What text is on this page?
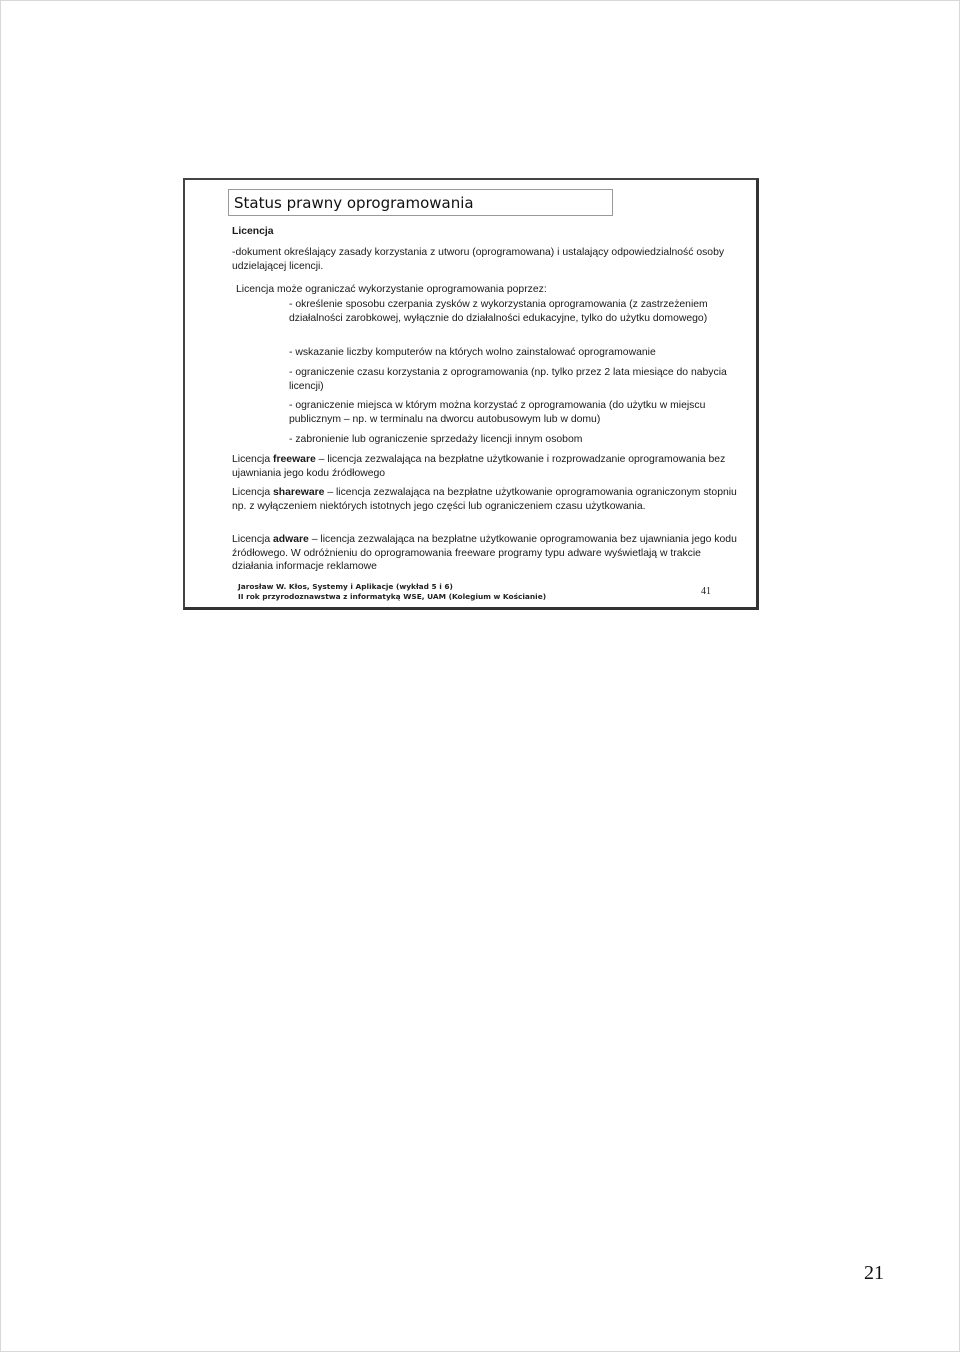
Status prawny oprogramowania
Licencja
-dokument określający zasady korzystania z utworu (oprogramowana) i ustalający odpowiedzialność osoby udzielającej licencji.
Licencja może ograniczać wykorzystanie oprogramowania poprzez:
- określenie sposobu czerpania zysków z wykorzystania oprogramowania (z zastrzeżeniem działalności zarobkowej, wyłącznie do działalności edukacyjne, tylko do użytku domowego)
- wskazanie liczby komputerów na których wolno zainstalować oprogramowanie
- ograniczenie czasu korzystania z oprogramowania (np. tylko przez 2 lata miesiące do nabycia licencji)
- ograniczenie miejsca w którym można korzystać z oprogramowania (do użytku w miejscu publicznym – np. w terminalu na dworcu autobusowym lub w domu)
- zabronienie lub ograniczenie sprzedaży licencji innym osobom
Licencja freeware – licencja zezwalająca na bezpłatne użytkowanie i rozprowadzanie oprogramowania bez ujawniania jego kodu źródłowego
Licencja shareware – licencja zezwalająca na bezpłatne użytkowanie oprogramowania ograniczonym stopniu np. z wyłączeniem niektórych istotnych jego części lub ograniczeniem czasu użytkowania.
Licencja adware – licencja zezwalająca na bezpłatne użytkowanie oprogramowania bez ujawniania jego kodu źródłowego. W odróżnieniu do oprogramowania freeware programy typu adware wyświetlają w trakcie działania informacje reklamowe
Jarosław W. Kłos, Systemy i Aplikacje (wykład 5 i 6)
II rok przyrodoznawstwa z informatyką WSE, UAM (Kolegium w Kościanie)	41
21
